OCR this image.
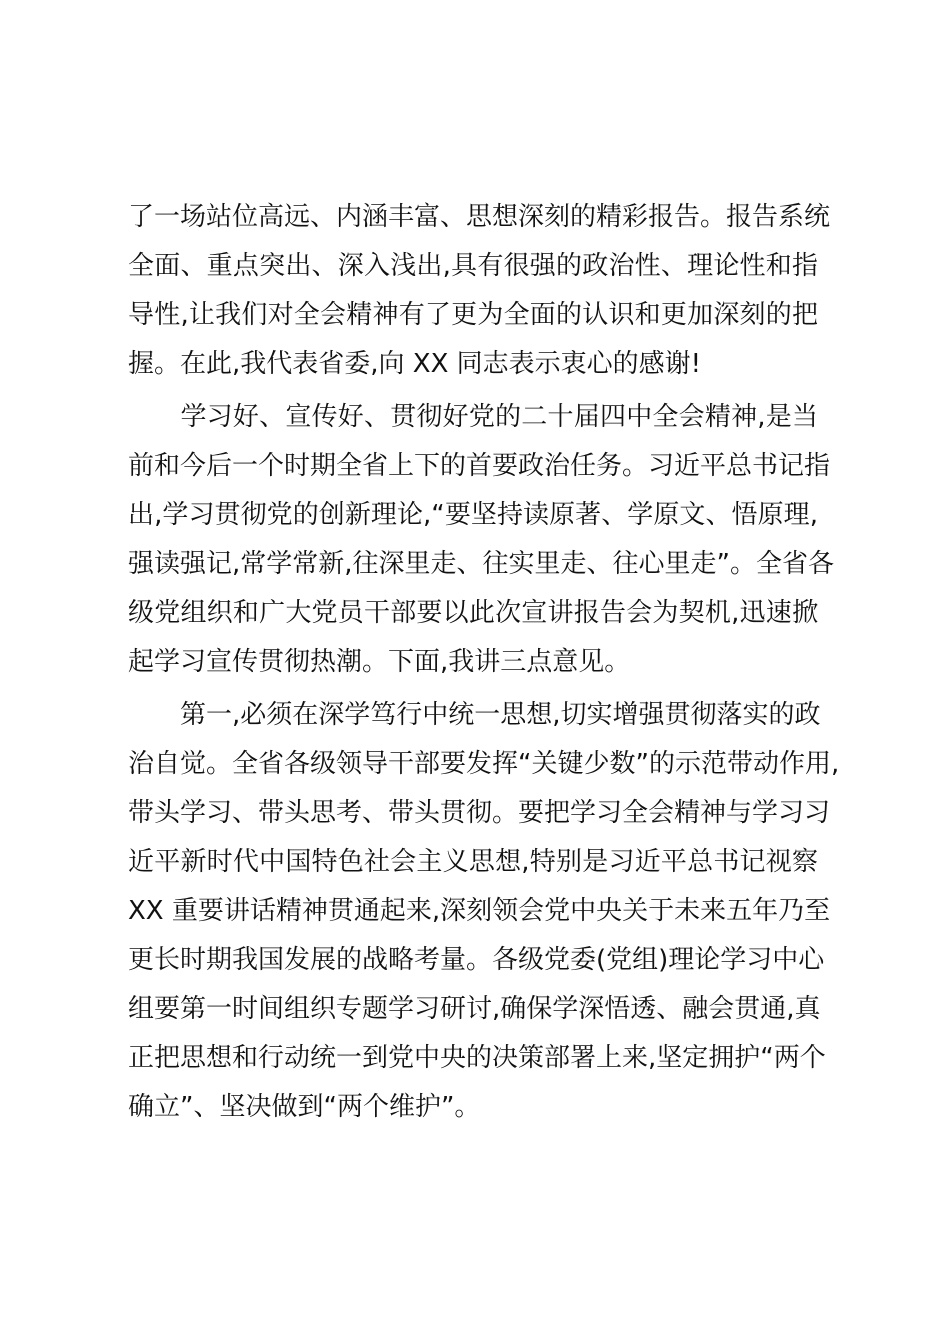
了一场站位高远、内涵丰富、思想深刻的精彩报告。报告系统
全面、重点突出、深入浅出,具有很强的政治性、理论性和指
导性,让我们对全会精神有了更为全面的认识和更加深刻的把
握。在此,我代表省委,向 XX 同志表示衷心的感谢!
　　学习好、宣传好、贯彻好党的二十届四中全会精神,是当
前和今后一个时期全省上下的首要政治任务。习近平总书记指
出,学习贯彻党的创新理论,“要坚持读原著、学原文、悟原理,
强读强记,常学常新,往深里走、往实里走、往心里走”。全省各
级党组织和广大党员干部要以此次宣讲报告会为契机,迅速掀
起学习宣传贯彻热潮。下面,我讲三点意见。
　　第一,必须在深学笃行中统一思想,切实增强贯彻落实的政
治自觉。全省各级领导干部要发挥“关键少数”的示范带动作用,
带头学习、带头思考、带头贯彻。要把学习全会精神与学习习
近平新时代中国特色社会主义思想,特别是习近平总书记视察
XX 重要讲话精神贯通起来,深刻领会党中央关于未来五年乃至
更长时期我国发展的战略考量。各级党委(党组)理论学习中心
组要第一时间组织专题学习研讨,确保学深悟透、融会贯通,真
正把思想和行动统一到党中央的决策部署上来,坚定拥护“两个
确立”、坚决做到“两个维护”。
